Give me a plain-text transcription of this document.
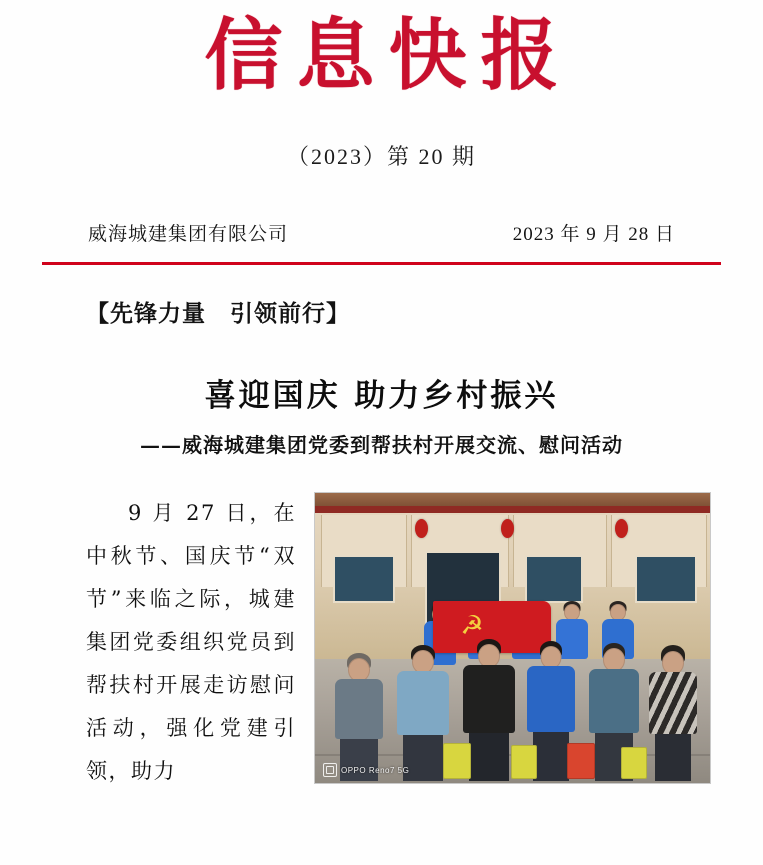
信息快报
（2023）第 20 期
威海城建集团有限公司	2023 年 9 月 28 日
【先锋力量　引领前行】
喜迎国庆 助力乡村振兴
——威海城建集团党委到帮扶村开展交流、慰问活动
9 月 27 日，在中秋节、国庆节“双节”来临之际，城建集团党委组织党员到帮扶村开展走访慰问活动，强化党建引领，助力
☭
OPPO Reno7 5G
